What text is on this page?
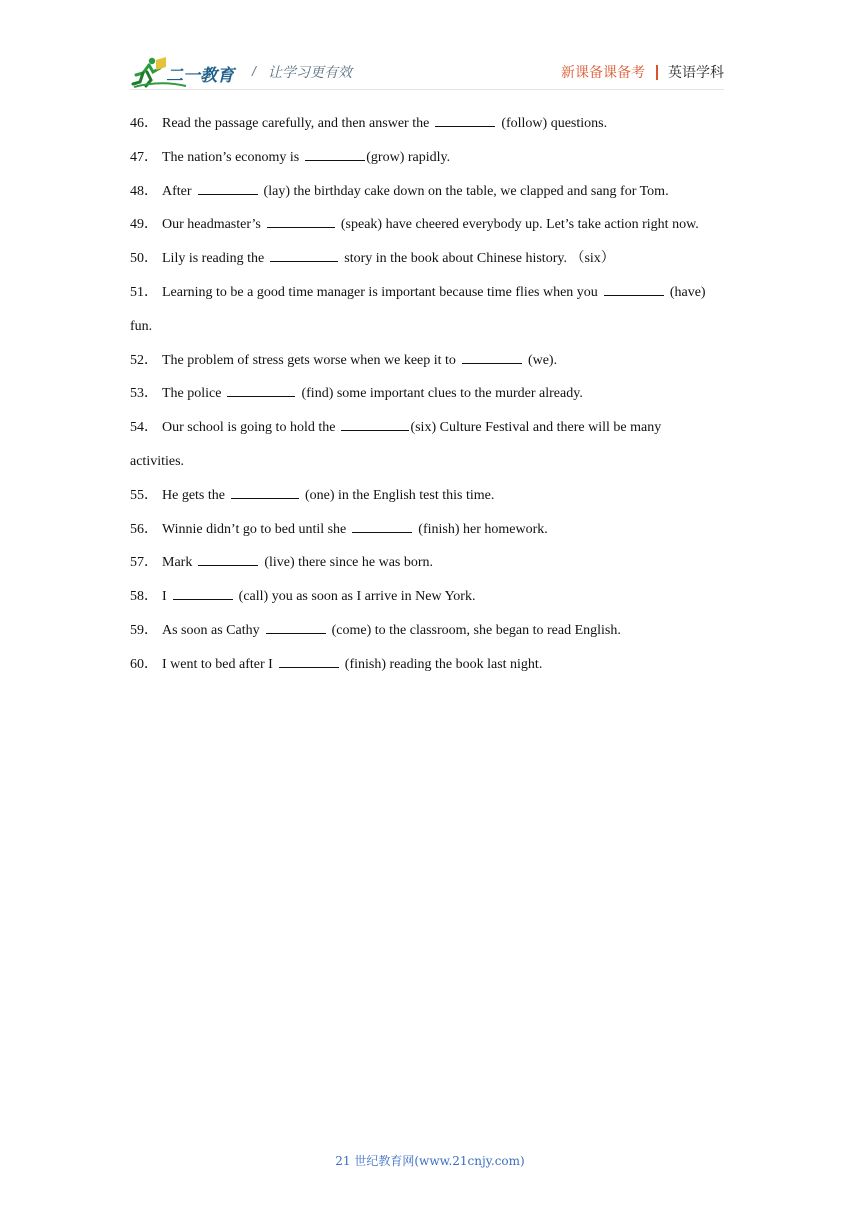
二一教育 / 让学习更有效	新课备课备考 英语学科
46． Read the passage carefully, and then answer the	(follow) questions.
47． The nation’s economy is	(grow) rapidly.
48． After	(lay) the birthday cake down on the table, we clapped and sang for Tom.
49． Our headmaster’s	(speak) have cheered everybody up. Let’s take action right now.
50． Lily is reading the	story in the book about Chinese history. （six）
51． Learning to be a good time manager is important because time flies when you	(have) fun.
52． The problem of stress gets worse when we keep it to	(we).
53． The police	(find) some important clues to the murder already.
54． Our school is going to hold the	(six) Culture Festival and there will be many activities.
55． He gets the	(one) in the English test this time.
56． Winnie didn’t go to bed until she	(finish) her homework.
57． Mark	(live) there since he was born.
58． I	(call) you as soon as I arrive in New York.
59． As soon as Cathy	(come) to the classroom, she began to read English.
60． I went to bed after I	(finish) reading the book last night.
21 世纪教育网(www.21cnjy.com)
